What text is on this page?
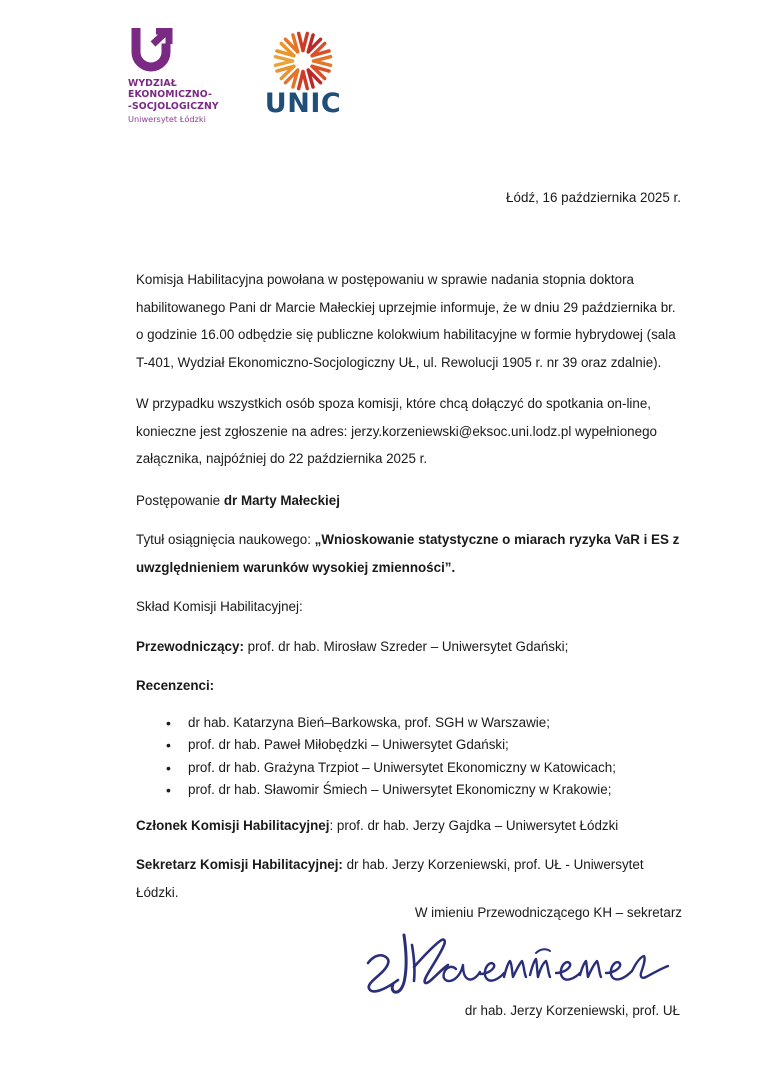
WYDZIAŁ
EKONOMICZNO-
-SOCJOLOGICZNY
Uniwersytet Łódzki
UNIC
Łódź, 16 października 2025 r.

Komisja Habilitacyjna powołana w postępowaniu w sprawie nadania stopnia doktora habilitowanego Pani dr Marcie Małeckiej uprzejmie informuje, że w dniu 29 października br. o godzinie 16.00 odbędzie się publiczne kolokwium habilitacyjne w formie hybrydowej (sala T-401, Wydział Ekonomiczno-Socjologiczny UŁ, ul. Rewolucji 1905 r. nr 39 oraz zdalnie).

W przypadku wszystkich osób spoza komisji, które chcą dołączyć do spotkania on-line, konieczne jest zgłoszenie na adres: jerzy.korzeniewski@eksoc.uni.lodz.pl wypełnionego załącznika, najpóźniej do 22 października 2025 r.

Postępowanie dr Marty Małeckiej

Tytuł osiągnięcia naukowego: „Wnioskowanie statystyczne o miarach ryzyka VaR i ES z uwzględnieniem warunków wysokiej zmienności”.

Skład Komisji Habilitacyjnej:

Przewodniczący: prof. dr hab. Mirosław Szreder – Uniwersytet Gdański;

Recenzenci:

• dr hab. Katarzyna Bień–Barkowska, prof. SGH w Warszawie;
• prof. dr hab. Paweł Miłobędzki – Uniwersytet Gdański;
• prof. dr hab. Grażyna Trzpiot – Uniwersytet Ekonomiczny w Katowicach;
• prof. dr hab. Sławomir Śmiech – Uniwersytet Ekonomiczny w Krakowie;

Członek Komisji Habilitacyjnej: prof. dr hab. Jerzy Gajdka – Uniwersytet Łódzki

Sekretarz Komisji Habilitacyjnej: dr hab. Jerzy Korzeniewski, prof. UŁ - Uniwersytet Łódzki.

W imieniu Przewodniczącego KH – sekretarz
dr hab. Jerzy Korzeniewski, prof. UŁ
